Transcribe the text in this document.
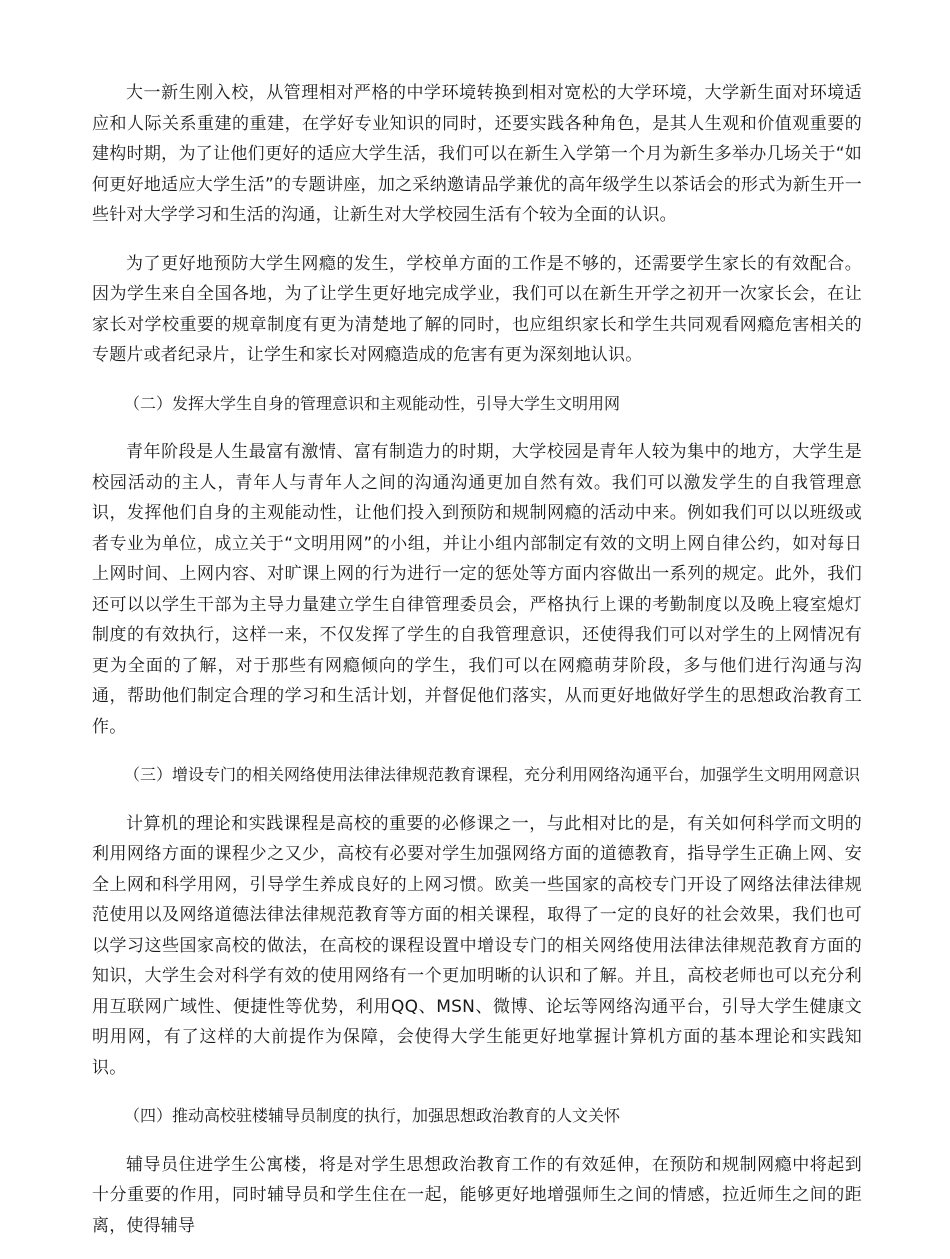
大一新生刚入校，从管理相对严格的中学环境转换到相对宽松的大学环境，大学新生面对环境适应和人际关系重建的重建，在学好专业知识的同时，还要实践各种角色，是其人生观和价值观重要的建构时期，为了让他们更好的适应大学生活，我们可以在新生入学第一个月为新生多举办几场关于“如何更好地适应大学生活”的专题讲座，加之采纳邀请品学兼优的高年级学生以茶话会的形式为新生开一些针对大学学习和生活的沟通，让新生对大学校园生活有个较为全面的认识。

为了更好地预防大学生网瘾的发生，学校单方面的工作是不够的，还需要学生家长的有效配合。因为学生来自全国各地，为了让学生更好地完成学业，我们可以在新生开学之初开一次家长会，在让家长对学校重要的规章制度有更为清楚地了解的同时，也应组织家长和学生共同观看网瘾危害相关的专题片或者纪录片，让学生和家长对网瘾造成的危害有更为深刻地认识。

（二）发挥大学生自身的管理意识和主观能动性，引导大学生文明用网

青年阶段是人生最富有激情、富有制造力的时期，大学校园是青年人较为集中的地方，大学生是校园活动的主人，青年人与青年人之间的沟通沟通更加自然有效。我们可以激发学生的自我管理意识，发挥他们自身的主观能动性，让他们投入到预防和规制网瘾的活动中来。例如我们可以以班级或者专业为单位，成立关于“文明用网”的小组，并让小组内部制定有效的文明上网自律公约，如对每日上网时间、上网内容、对旷课上网的行为进行一定的惩处等方面内容做出一系列的规定。此外，我们还可以以学生干部为主导力量建立学生自律管理委员会，严格执行上课的考勤制度以及晚上寝室熄灯制度的有效执行，这样一来，不仅发挥了学生的自我管理意识，还使得我们可以对学生的上网情况有更为全面的了解，对于那些有网瘾倾向的学生，我们可以在网瘾萌芽阶段，多与他们进行沟通与沟通，帮助他们制定合理的学习和生活计划，并督促他们落实，从而更好地做好学生的思想政治教育工作。

（三）增设专门的相关网络使用法律法律规范教育课程，充分利用网络沟通平台，加强学生文明用网意识

计算机的理论和实践课程是高校的重要的必修课之一，与此相对比的是，有关如何科学而文明的利用网络方面的课程少之又少，高校有必要对学生加强网络方面的道德教育，指导学生正确上网、安全上网和科学用网，引导学生养成良好的上网习惯。欧美一些国家的高校专门开设了网络法律法律规范使用以及网络道德法律法律规范教育等方面的相关课程，取得了一定的良好的社会效果，我们也可以学习这些国家高校的做法，在高校的课程设置中增设专门的相关网络使用法律法律规范教育方面的知识，大学生会对科学有效的使用网络有一个更加明晰的认识和了解。并且，高校老师也可以充分利用互联网广域性、便捷性等优势，利用QQ、MSN、微博、论坛等网络沟通平台，引导大学生健康文明用网，有了这样的大前提作为保障，会使得大学生能更好地掌握计算机方面的基本理论和实践知识。

（四）推动高校驻楼辅导员制度的执行，加强思想政治教育的人文关怀

辅导员住进学生公寓楼，将是对学生思想政治教育工作的有效延伸，在预防和规制网瘾中将起到十分重要的作用，同时辅导员和学生住在一起，能够更好地增强师生之间的情感，拉近师生之间的距离，使得辅导
